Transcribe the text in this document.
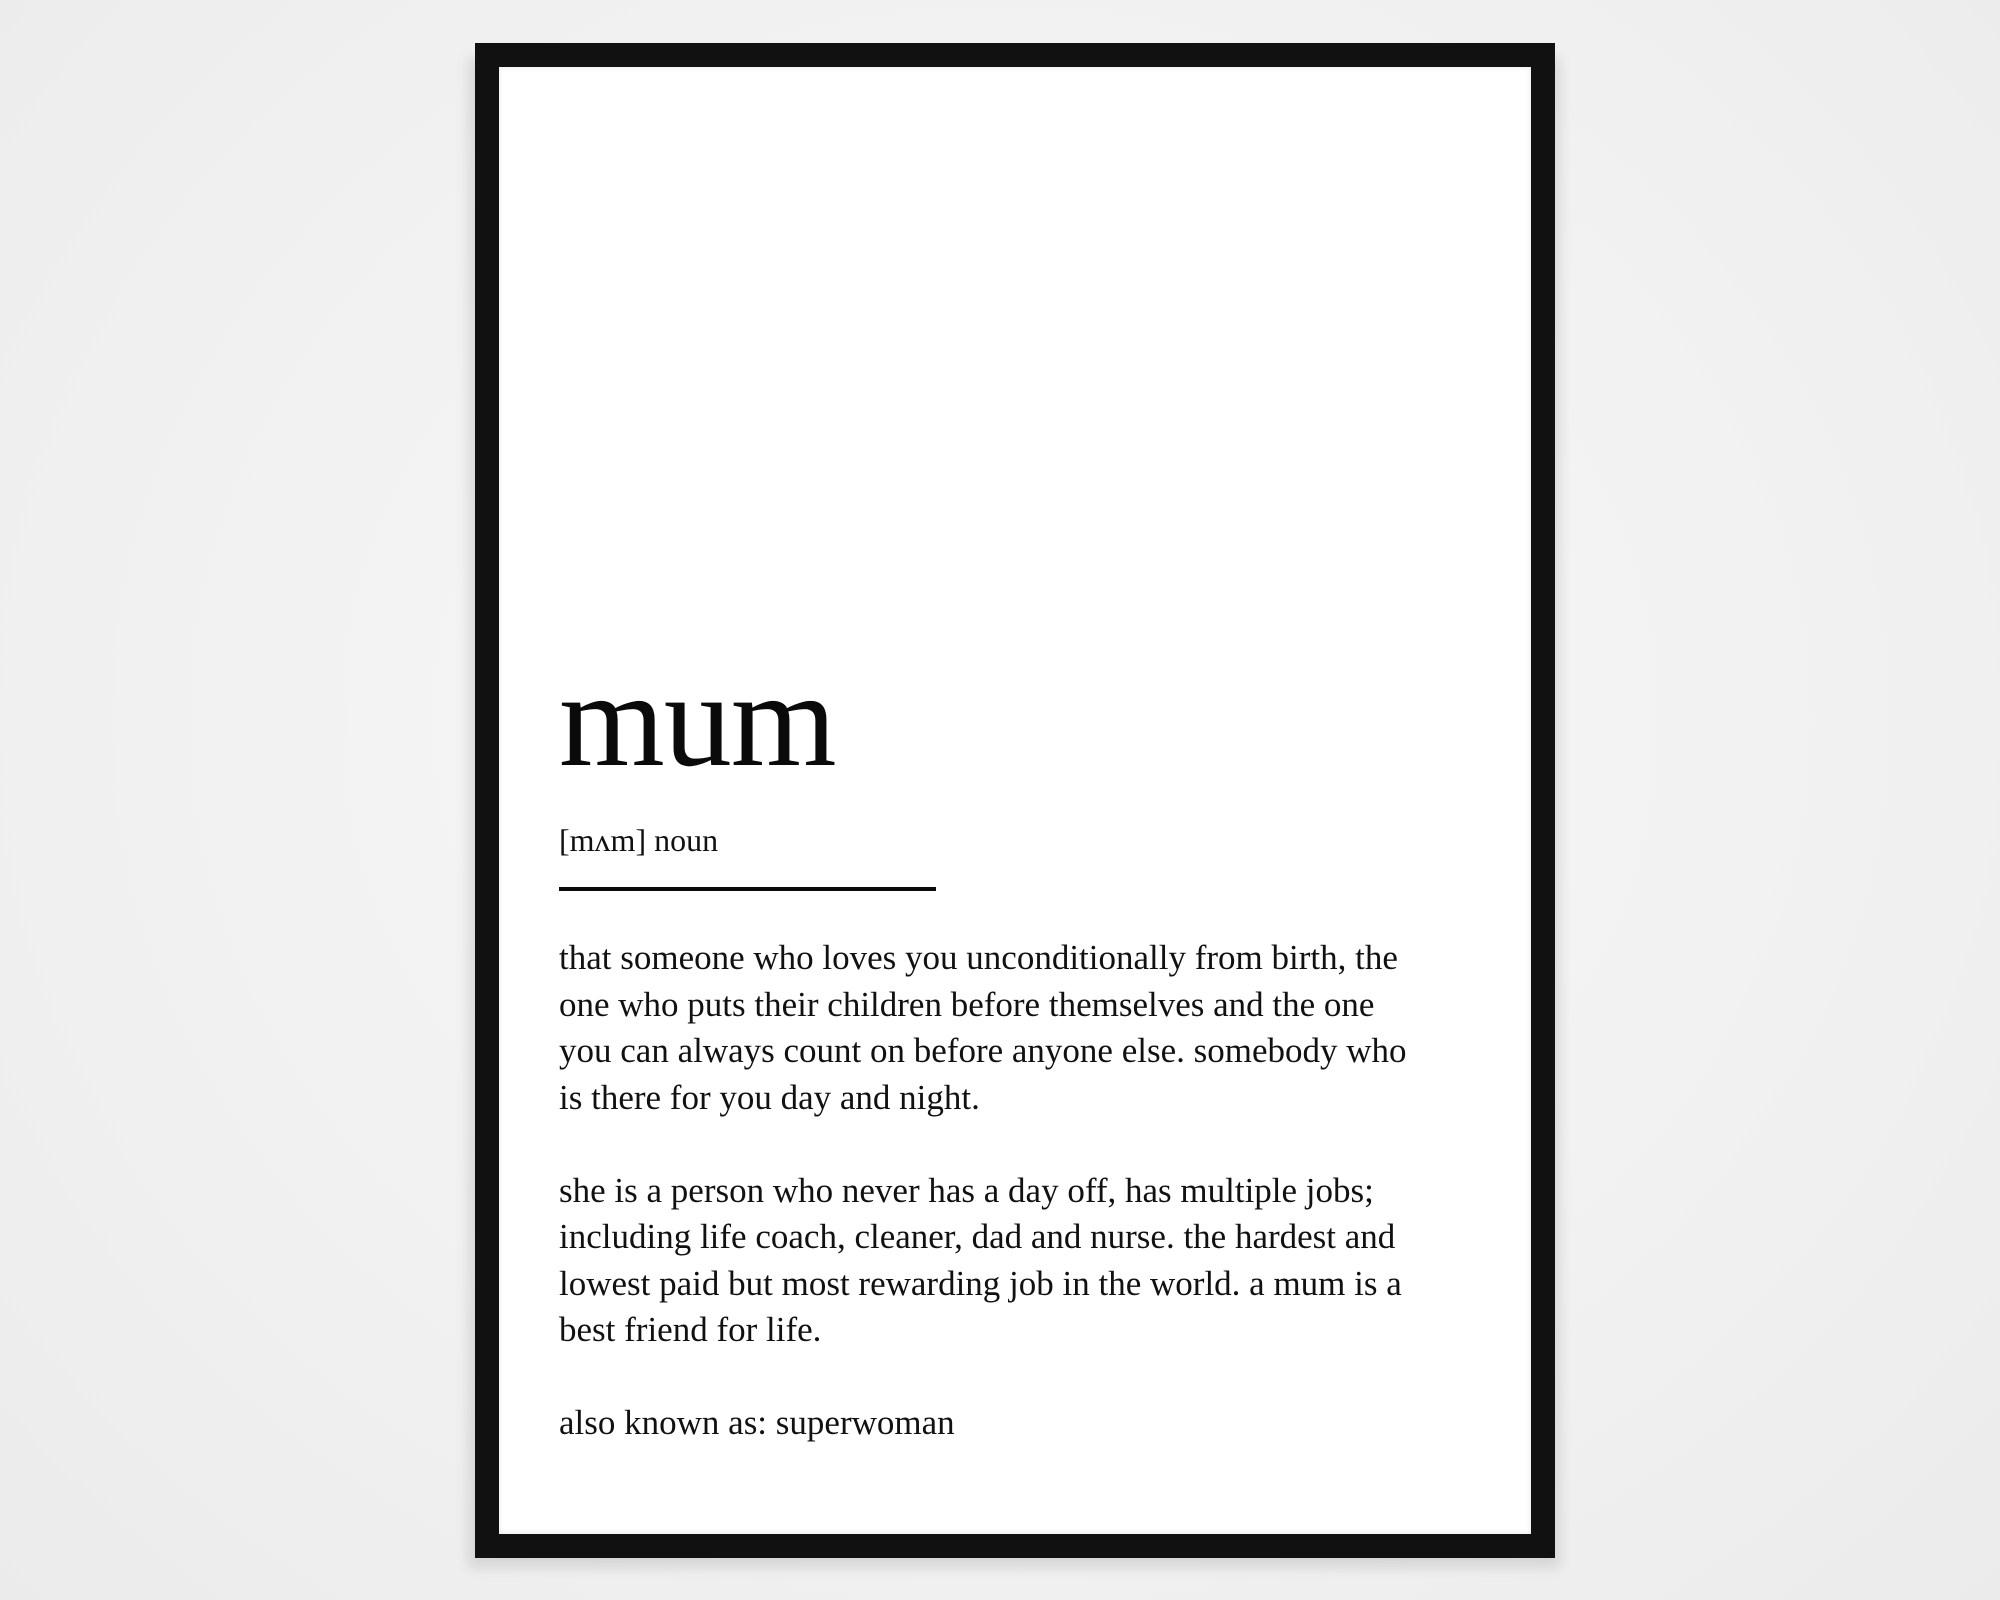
mum
[mʌm] noun

that someone who loves you unconditionally from birth, the
one who puts their children before themselves and the one
you can always count on before anyone else. somebody who
is there for you day and night.

she is a person who never has a day off, has multiple jobs;
including life coach, cleaner, dad and nurse. the hardest and
lowest paid but most rewarding job in the world. a mum is a
best friend for life.

also known as: superwoman
